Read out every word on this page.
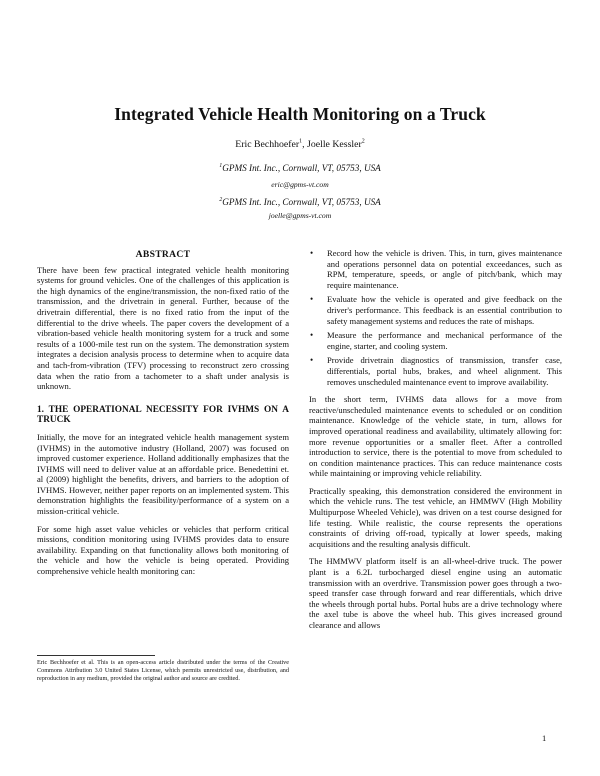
Integrated Vehicle Health Monitoring on a Truck
Eric Bechhoefer$^1$, Joelle Kessler$^2$
$^1$GPMS Int. Inc., Cornwall, VT, 05753, USA
eric@gpms-vt.com
$^2$GPMS Int. Inc., Cornwall, VT, 05753, USA
joelle@gpms-vt.com
ABSTRACT

There have been few practical integrated vehicle health monitoring systems for ground vehicles. One of the challenges of this application is the high dynamics of the engine/transmission, the non-fixed ratio of the transmission, and the drivetrain in general. Further, because of the drivetrain differential, there is no fixed ratio from the input of the differential to the drive wheels. The paper covers the development of a vibration-based vehicle health monitoring system for a truck and some results of a 1000-mile test run on the system. The demonstration system integrates a decision analysis process to determine when to acquire data and tach-from-vibration (TFV) processing to reconstruct zero crossing data when the ratio from a tachometer to a shaft under analysis is unknown.

1. THE OPERATIONAL NECESSITY FOR IVHMS ON A TRUCK

Initially, the move for an integrated vehicle health management system (IVHMS) in the automotive industry (Holland, 2007) was focused on improved customer experience. Holland additionally emphasizes that the IVHMS will need to deliver value at an affordable price. Benedettini et. al (2009) highlight the benefits, drivers, and barriers to the adoption of IVHMS. However, neither paper reports on an implemented system. This demonstration highlights the feasibility/performance of a system on a mission-critical vehicle.

For some high asset value vehicles or vehicles that perform critical missions, condition monitoring using IVHMS provides data to ensure availability. Expanding on that functionality allows both monitoring of the vehicle and how the vehicle is being operated. Providing comprehensive vehicle health monitoring can:

Eric Bechhoefer et al. This is an open-access article distributed under the terms of the Creative Commons Attribution 3.0 United States License, which permits unrestricted use, distribution, and reproduction in any medium, provided the original author and source are credited.
• Record how the vehicle is driven. This, in turn, gives maintenance and operations personnel data on potential exceedances, such as RPM, temperature, speeds, or angle of pitch/bank, which may require maintenance.
• Evaluate how the vehicle is operated and give feedback on the driver's performance. This feedback is an essential contribution to safety management systems and reduces the rate of mishaps.
• Measure the performance and mechanical performance of the engine, starter, and cooling system.
• Provide drivetrain diagnostics of transmission, transfer case, differentials, portal hubs, brakes, and wheel alignment. This removes unscheduled maintenance event to improve availability.

In the short term, IVHMS data allows for a move from reactive/unscheduled maintenance events to scheduled or on condition maintenance. Knowledge of the vehicle state, in turn, allows for improved operational readiness and availability, ultimately allowing for: more revenue opportunities or a smaller fleet. After a controlled introduction to service, there is the potential to move from scheduled to on condition maintenance practices. This can reduce maintenance costs while maintaining or improving vehicle reliability.

Practically speaking, this demonstration considered the environment in which the vehicle runs. The test vehicle, an HMMWV (High Mobility Multipurpose Wheeled Vehicle), was driven on a test course designed for life testing. While realistic, the course represents the operations constraints of driving off-road, typically at lower speeds, making acquisitions and the resulting analysis difficult.

The HMMWV platform itself is an all-wheel-drive truck. The power plant is a 6.2L turbocharged diesel engine using an automatic transmission with an overdrive. Transmission power goes through a two-speed transfer case through forward and rear differentials, which drive the wheels through portal hubs. Portal hubs are a drive technology where the axel tube is above the wheel hub. This gives increased ground clearance and allows

1
